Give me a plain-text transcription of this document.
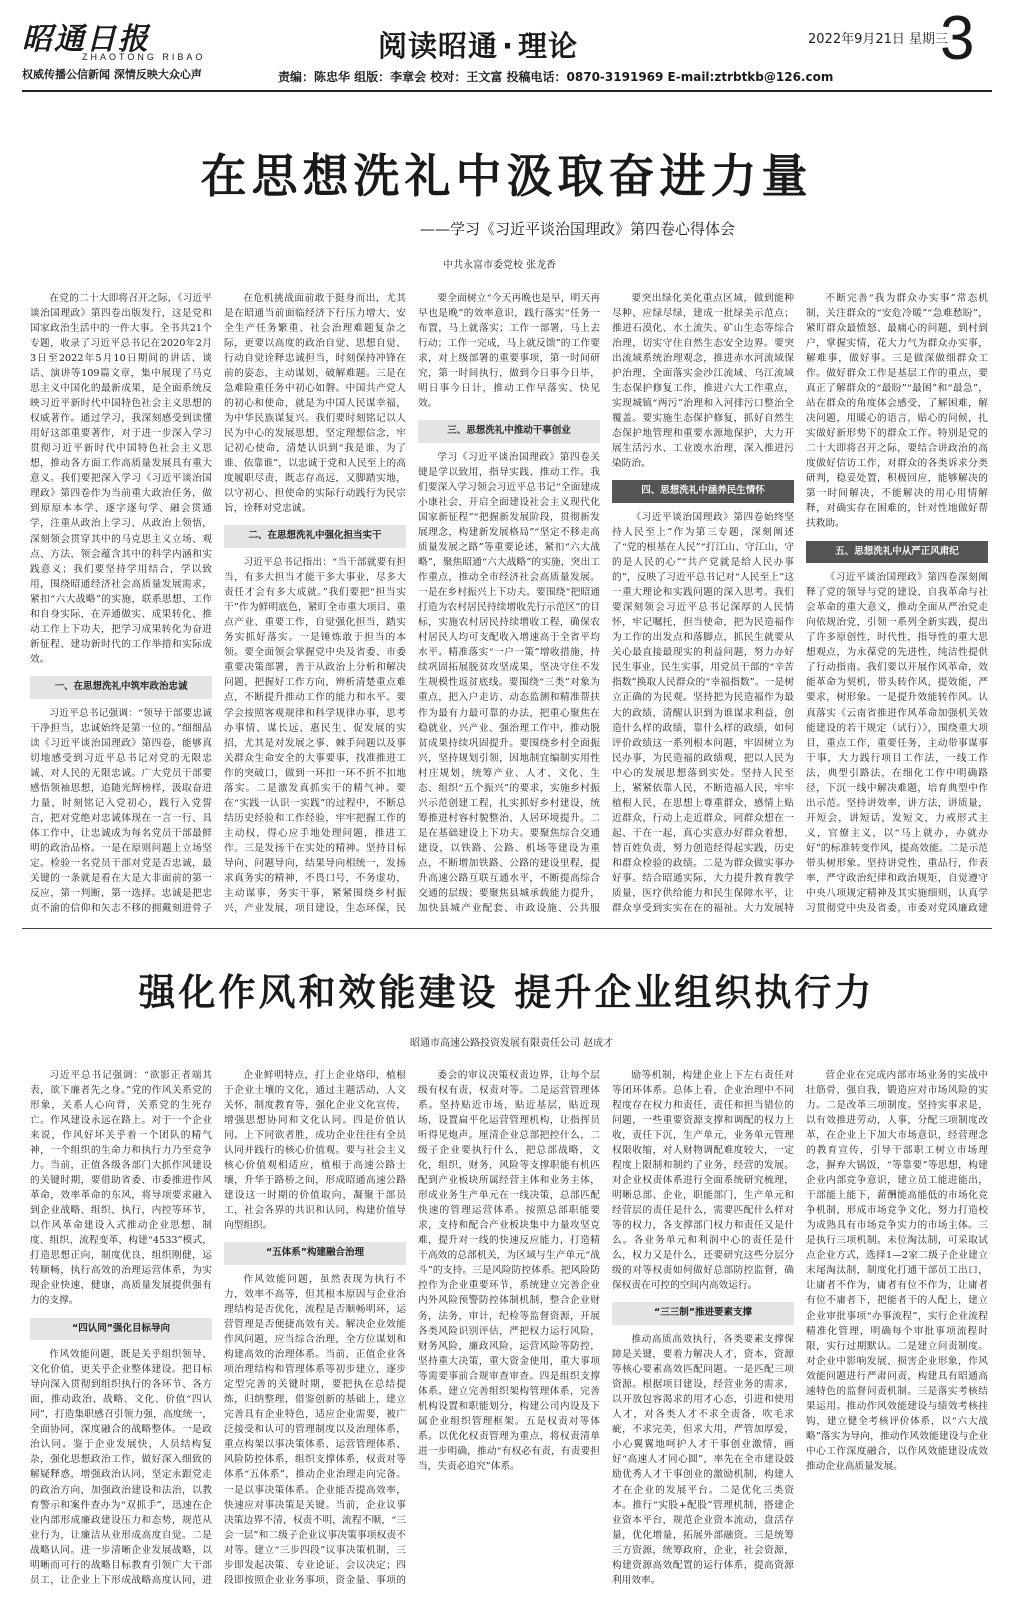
昭通日报
ZHAOTONG RIBAO
权威传播公信新闻 深情反映大众心声
阅读昭通 · 理论	2022年9月21日 星期三
3
责编：陈忠华 组版：李章会 校对：王文富 投稿电话：0870-3191969 E-mail:ztrbtkb@126.com
在思想洗礼中汲取奋进力量
——学习《习近平谈治国理政》第四卷心得体会
中共永富市委党校 张龙香

在党的二十大即将召开之际，《习近平谈治国理政》第四卷出版发行，这是党和国家政治生活中的一件大事。全书共21个专题，收录了习近平总书记在2020年2月3日至2022年5月10日期间的讲话、谈话、演讲等109篇文章，集中展现了马克思主义中国化的最新成果，是全面系统反映习近平新时代中国特色社会主义思想的权威著作。通过学习，我深刻感受到读懂用好这部重要著作，对于进一步深入学习贯彻习近平新时代中国特色社会主义思想，推动各方面工作高质量发展具有重大意义。我们要把深入学习《习近平谈治国理政》第四卷作为当前重大政治任务，做到原原本本学、逐字逐句学、融会贯通学，注重从政治上学习、从政治上领悟，深刻领会贯穿其中的马克思主义立场、观点、方法，领会蕴含其中的科学内涵和实践意义；我们要坚持学用结合，学以致用，围绕昭通经济社会高质量发展需求，紧扣“六大战略”的实施，联系思想、工作和自身实际，在弄通做实、成果转化、推动工作上下功夫，把学习成果转化为奋进新征程、建功新时代的工作举措和实际成效。

一、在思想洗礼中筑牢政治忠诚

习近平总书记强调：“领导干部要忠诚干净担当，忠诚始终是第一位的。”细细品读《习近平谈治国理政》第四卷，能够真切地感受到习近平总书记对党的无限忠诚、对人民的无限忠诚。广大党员干部要感悟领袖思想，追随光辉榜样，汲取奋进力量，时刻铭记入党初心，践行入党誓言，把对党绝对忠诚体现在一言一行、具体工作中，让忠诚成为每名党员干部最鲜明的政治品格。一是在原则问题上立场坚定。检验一名党员干部对党是否忠诚，最关键的一条就是看在大是大非面前的第一反应，第一判断，第一选择。忠诚是把忠贞不渝的信仰和矢志不移的拥戴刻进骨子

在危机挑战面前敢于挺身而出，尤其是在昭通当前面临经济下行压力增大、安全生产任务繁重、社会治理难题复杂之际，更要以高度的政治自觉、思想自觉、行动自觉诠释忠诚担当，时刻保持冲锋在前的姿态，主动谋划，破解难题。三是在急难险重任务中初心如磐。中国共产党人的初心和使命，就是为中国人民谋幸福，为中华民族谋复兴。我们要时刻铭记以人民为中心的发展思想，坚定理想信念，牢记初心使命，清楚认识到“我是谁、为了谁、依靠谁”，以忠诚于党和人民至上的高度履职尽责，既志存高远，又脚踏实地，以守初心、担使命的实际行动践行为民宗旨，诠释对党忠诚。

二、在思想洗礼中强化担当实干

习近平总书记指出：“当干部就要有担当，有多大担当才能干多大事业，尽多大责任才会有多大成就。”我们要把“担当实干”作为鲜明底色，紧盯全市重大项目、重点产业、重要工作，自觉强化担当，踏实务实抓好落实。一是锤炼敢于担当的本领。要全面领会掌握党中央及省委、市委重要决策部署，善于从政治上分析和解决问题，把握好工作方向，辨析清楚重点难点，不断提升推动工作的能力和水平。要学会按照客观规律和科学规律办事，思考办事情、谋长远、惠民生、促发展的实招，尤其是对发展之事、棘手问题以及事关群众生命安全的大事要事，找准推进工作的突破口，做到一环扣一环不折不扣地落实。二是激发真抓实干的精气神。要在“实践一认识一实践”的过程中，不断总结历史经验和工作经验，牢牢把握工作的主动权，得心应手地处理问题，推进工作。三是发扬干在实处的精神。坚持目标导向、问题导向，结果导向相统一，发扬求真务实的精神，不畏口号，不务虚功，主动谋事，务实干事，紧紧围绕乡村振兴，产业发展，项目建设，生态环保，民

要全面树立“今天再晚也是早，明天再早也是晚”的效率意识，践行落实“任务一布置，马上就落实；工作一部署，马上去行动；工作一完成，马上就反馈”的工作要求，对上级部署的重要事项，第一时间研究，第一时间执行，做到今日事今日毕，明日事今日计，推动工作早落实、快见效。

三、思想洗礼中推动干事创业

学习《习近平谈治国理政》第四卷关键是学以致用，指导实践、推动工作。我们要深入学习领会习近平总书记“全面建成小康社会，开启全面建设社会主义现代化国家新征程”“把握新发展阶段，贯彻新发展理念，构建新发展格局”“坚定不移走高质量发展之路”等重要论述，紧扣“六大战略”，聚焦昭通“六大战略”的实施，突出工作重点，推动全市经济社会高质量发展。一是在乡村振兴上下功夫。要围绕“把昭通打造为农村居民持续增收先行示范区”的目标，实施农村居民持续增收工程，确保农村居民人均可支配收入增速高于全省平均水平。精准落实“一户一策”增收措施，持续巩固拓展脱贫攻坚成果，坚决守住不发生规模性返贫底线。要围绕“三类”对象为重点，把入户走访、动态监测和精准帮扶作为最有力最可靠的办法，把重心聚焦在稳就业、兴产业、强治理工作中，推动脱贫成果持续巩固提升。要围绕乡村全面振兴，坚持规划引领，因地制宜编制实用性村庄规划，统筹产业、人才、文化、生态、组织“五个振兴”的要求，实施乡村振兴示范创建工程，扎实抓好乡村建设，统筹推进村容村貌整治、人居环境提升。二是在基础建设上下功夫。要聚焦综合交通建设，以铁路、公路、机场等建设为重点，不断增加铁路、公路的建设里程，提升高速公路互联互通水平，不断提高综合交通的层级；要聚焦县城承载能力提升，加快县城产业配套、市政设施、公共服

要突出绿化美化重点区域，做到能种尽种、应绿尽绿，建成一批绿美示范点；推进石漠化、水土流失、矿山生态等综合治理，切实守住自然生态安全边界。要突出流域系统治理观念，推进赤水河流域保护治理，全面落实金沙江流域、乌江流域生态保护修复工作，推进六大工作重点，实现城镇“两污”治理和入河排污口整治全覆盖。要实施生态保护修复，抓好自然生态保护地管理和重要水源地保护，大力开展生活污水、工业废水治理，深入推进污染防治。

四、思想洗礼中涵养民生情怀

《习近平谈治国理政》第四卷始终坚持人民至上”作为第三专题，深刻阐述了“党的根基在人民”“打江山、守江山，守的是人民的心”“共产党就是给人民办事的”，反映了习近平总书记对“人民至上”这一重大理论和实践问题的深入思考。我们要深刻领会习近平总书记深厚的人民情怀，牢记嘱托，担当使命，把为民造福作为工作的出发点和落脚点，抓民生就要从关心最直接最现实的利益问题，努力办好民生事业，民生实事，用党员干部的“辛苦指数”换取人民群众的“幸福指数”。一是树立正确的为民观。坚持把为民造福作为最大的政绩，清醒认识到为谁谋求利益，创造什么样的政绩，靠什么样的政绩，如何评价政绩这一系列根本问题，牢固树立为民办事，为民造福的政绩观，把以人民为中心的发展思想落到实处。坚持人民至上，紧紧依靠人民，不断造福人民，牢牢植根人民，在思想上尊重群众，感情上贴近群众，行动上走近群众，同群众想在一起、干在一起，真心实意办好群众着想，替百姓负责，努力创造经得起实践，历史和群众检验的政绩。二是为群众做实事办好事。结合昭通实际，大力提升教育教学质量，医疗供给能力和民生保障水平，让群众享受到实实在在的福祉。大力发展特

不断完善“我为群众办实事”常态机制，关注群众的“安危冷暖”“急难愁盼”，紧盯群众最愤怒、最痛心的问题，到村到户，掌握实情，花大力气为群众办实事，解难事，做好事。三是做深做细群众工作。做好群众工作是基层工作的重点，要真正了解群众的“最盼”“最困”和“最急”，站在群众的角度体会感受，了解困难，解决问题，用暖心的语言，贴心的问候，扎实做好新形势下的群众工作。特别是党的二十大即将召开之际，要结合讲政治的高度做好信访工作，对群众的各类诉求分类研判，稳妥处置，积极回应，能够解决的第一时间解决，不能解决的用心用情解释，对确实存在困难的，针对性地做好帮扶救助。

五、思想洗礼中从严正风肃纪

《习近平谈治国理政》第四卷深刻阐释了党的领导与党的建设，自我革命与社会革命的重大意义，推动全面从严治党走向依规治党，引领一系列全新实践，提出了许多原创性，时代性，指导性的重大思想观点，为永葆党的先进性，纯洁性提供了行动指南。我们要以开展作风革命，效能革命为契机，带头转作风，提效能，严要求，树形象。一是提升效能转作风。认真落实《云南省推进作风革命加强机关效能建设的若干规定（试行）》，围绕重大项目，重点工作，重要任务，主动带事谋事干事，大力践行项目工作法，一线工作法，典型引路法，在细化工作中明确路径，下沉一线中解决难题，培育典型中作出示范。坚持讲效率，讲方法，讲质量，开短会，讲短话，发短文，力戒形式主义，官僚主义，以“马上就办，办就办好”的标准转变作风，提高效能。二是示范带头树形象。坚持讲党性，重品行，作表率，严守政治纪律和政治规矩，自觉遵守中央八项规定精神及其实施细则，认真学习贯彻党中央及省委，市委对党风廉政建

强化作风和效能建设 提升企业组织执行力
昭通市高速公路投资发展有限责任公司 赵成才

习近平总书记强调：“欲影正者端其表，欲下廉者先之身。”党的作风关系党的形象，关系人心向背，关系党的生死存亡。作风建设永远在路上。对于一个企业来说，作风好坏关乎着一个团队的精气神，一个组织的生命力和执行力乃至竞争力。当前，正值各级各部门大抓作风建设的关键时期，要借助省委、市委推进作风革命，效率革命的东风，将导项要求融入到企业战略、组织、执行，内控等环节，以作风革命建设入式推动企业思想、制度、组织、流程变革，构建“4533”模式，打造思想正向，制度优良，组织刚健，运转顺畅，执行高效的治理运营体系，为实现企业快速，健康，高质量发展提供强有力的支撑。

“四认同”强化目标导向

作风效能问题，既是关乎组织领导、文化价值，更关乎企业整体建设。把目标导向深入贯彻到组织执行的各环节、各方面，推动政治、战略、文化、价值“四认同”，打造集职感召引领力强，高度统一，全面协同，深度融合的战略整体。一是政治认同。鉴于企业发展快，人员结构复杂，强化思想政治工作，做好深入细致的解疑释惑，增强政治认同，坚定永跟党走的政治方向，加强政治建设和法治，以教育警示和案件查办为“双抓手”，迅速在企业内部形成廉政建设压力和态势，规范从业行为，让廉洁从业形成高度自觉。二是战略认同。进一步清晰企业发展战略，以明晰而可行的战略目标教育引领广大干部员工，让企业上下形成战略高度认同，进

企业鲜明特点，打上企业烙印，植根于企业土壤的文化，通过主题活动，人文关怀，制度教育等，强化企业文化宣传，增强思想协同和文化认同。四是价值认同。上下同欲者胜，成功企业往往有全员认同并践行的核心价值观。要与社会主义核心价值观相适应，植根于高速公路土壤，升华于路桥之间，形成昭通高速公路建设这一时期的价值取向，凝聚干部员工，社会各界的共识和认同，构建价值导向型组织。

“五体系”构建融合治理

作风效能问题，虽然表现为执行不力，效率不高等，但其根本原因与企业治理结构是否优化，流程是否顺畅明环，运营管理是否便捷高效有关。解决企业效能作风问题，应当综合治理，全方位谋划和构建高效的治理体系。当前，正值企业各项治理结构和管理体系等初步建立，逐步定型完善的关键时期，要把执在总结提炼，归纳整理，借鉴创新的基础上，建立完善具有企业特色，适应企业需要，被广泛接受和认可的管理制度以及治理体系，重点构架以事决策体系、运营管理体系、风险防控体系，组织支撑体系，权责对等体系“五体系”，推动企业治理走向完备。一是以事决策体系。企业能否提高效率，快速应对事决策是关键。当前，企业议事决策边界不清，权责不明，流程不顺，“三会一层”和二级子企业议事决策事项权责不对等。建立“三步四段”议事决策机制，三步即发起决策、专业论证、会议决定；四段即按照企业业务事项，资金量、事项的

委会的审议决策权责边界，让每个层级有权有责，权责对等。二是运营管理体系。坚持贴近市场，贴近基层，贴近现场，设置扁平化运营管理机构，让指挥员听得见炮声。厘清企业总部把控什么，二级子企业要执行什么，把总部战略，文化，组织，财务，风险等支撑职能有机匹配到产业板块所属经营主体和业务主体，形成业务生产单元在一线决策，总部匹配快速的管理运营体系。按照总部职能要求，支持和配合产业板块集中力量攻坚克难，提升对一线的快速反应能力，打造精干高效的总部机关，为区域与生产单元“战斗”的支持。三是风险防控体系。把风险防控作为企业重要环节，系统建立完善企业内外风险预警防控体制机制，整合企业财务，法务，审计，纪检等监督资源，开展各类风险识别评估，严把权力运行风险，财务风险，廉政风险，运营风险等防控，坚持重大决策，重大资金使用，重大事项等需要事前合规审查审查。四是组织支撑体系。建立完善组织架构管理体系，完善机构设置和职能划分，构建公司内设及下属企业组织管理框架。五是权责对等体系。以优化权责管理为重点，将权责清单进一步明确，推动“有权必有责，有责要担当，失责必追究”体系。

励等机制，构建企业上下左右责任对等闭环体系。总体上看，企业治理中不同程度存在权力和责任，责任和担当错位的问题，一些重要资源支撑和调配的权力上收，责任下沉，生产单元，业务单元管理权限收缩，对人财物调配难度较大，一定程度上限制和制约了业务，经营的发展。对企业权责体系进行全面系统研究梳理，明晰总部、企业，职能部门，生产单元和经营层的责任是什么，需要匹配什么样对等的权力，各支撑部门权力和责任又是什么。各业务单元和利润中心的责任是什么，权力又是什么，还要研究这些分层分级的对等权责如何做好总部防控监督，确保权责在可控的空间内高效运行。

“三三制”推进要素支撑

推动高质高效执行，各类要素支撑保障是关键，要着力解决人才，资本，资源等核心要素高效匹配问题。一是匹配三项资源。根据项目建设，经营业务的需求，以开放包容渴求的用才心态，引进和使用人才，对各类人才不求全责备，吹毛求疵，不求完美，但求大用，严管加厚爱，小心翼翼地呵护人才干事创业激情，画好“高速人才同心圆”，率先在全市建设鼓励优秀人才干事创业的激励机制，构建人才在企业的发展平台。二是优化三类资本。推行“实股+配股”管理机制，搭建企业资本平台，规范企业资本流动，盘活存量，优化增量，拓展外部融资。三是统筹三方资源，统筹政府，企业，社会资源，构建资源高效配置的运行体系，提高资源利用效率。

营企业在完成内部市场业务的实战中壮筋骨，强自我，锻造应对市场风险的实力。二是改革三项制度。坚持实事求是，以有效推进劳动，人事，分配三项制度改革，在企业上下加大市场意识，经营理念的教育宣传，引导干部职工树立市场理念，摒弃大锅饭，“等靠要”等思想，构建企业内部竞争意识，建立员工能进能出，干部能上能下，薪酬能高能低的市场化竞争机制，形成市场竞争文化，努力打造校为成熟具有市场竞争实力的市场主体。三是执行三项机制。未位淘汰制，可采取试点企业方式，选择1—2家二级子企业建立末尾淘汰制，制度化打通干部员工出口，让庸者不作为，庸者有位不作为，让庸者有位不庸者下，把能者干的人配上，建立企业审批事项“办事流程”，实行企业流程精准化管理，明确每个审批事项流程时限，实行过期默认。二是建立问责制度。对企业中影响发展、损害企业形象，作风效能问题进行严肃问责，构建具有昭通高速特色的监督问责机制。三是落实考核结果运用。推动作风效能建设与绩效考核挂钩，建立健全考核评价体系，以“六大战略”落实为导向，推动作风效能建设与企业中心工作深度融合，以作风效能建设成效推动企业高质量发展。
